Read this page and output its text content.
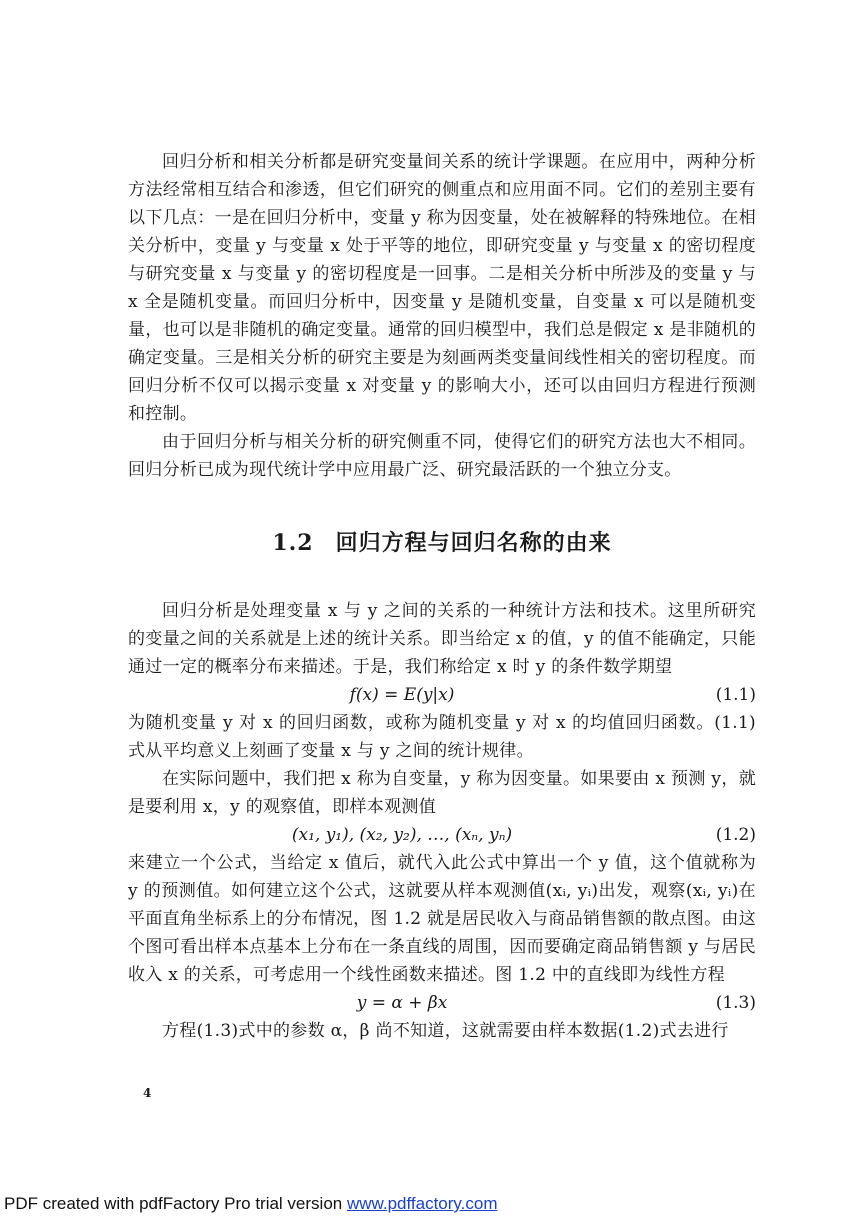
回归分析和相关分析都是研究变量间关系的统计学课题。在应用中，两种分析方法经常相互结合和渗透，但它们研究的侧重点和应用面不同。它们的差别主要有以下几点：一是在回归分析中，变量 y 称为因变量，处在被解释的特殊地位。在相关分析中，变量 y 与变量 x 处于平等的地位，即研究变量 y 与变量 x 的密切程度与研究变量 x 与变量 y 的密切程度是一回事。二是相关分析中所涉及的变量 y 与 x 全是随机变量。而回归分析中，因变量 y 是随机变量，自变量 x 可以是随机变量，也可以是非随机的确定变量。通常的回归模型中，我们总是假定 x 是非随机的确定变量。三是相关分析的研究主要是为刻画两类变量间线性相关的密切程度。而回归分析不仅可以揭示变量 x 对变量 y 的影响大小，还可以由回归方程进行预测和控制。

由于回归分析与相关分析的研究侧重不同，使得它们的研究方法也大不相同。回归分析已成为现代统计学中应用最广泛、研究最活跃的一个独立分支。

1.2 回归方程与回归名称的由来

回归分析是处理变量 x 与 y 之间的关系的一种统计方法和技术。这里所研究的变量之间的关系就是上述的统计关系。即当给定 x 的值，y 的值不能确定，只能通过一定的概率分布来描述。于是，我们称给定 x 时 y 的条件数学期望

f(x) = E(y|x)	(1.1)

为随机变量 y 对 x 的回归函数，或称为随机变量 y 对 x 的均值回归函数。(1.1)式从平均意义上刻画了变量 x 与 y 之间的统计规律。

在实际问题中，我们把 x 称为自变量，y 称为因变量。如果要由 x 预测 y，就是要利用 x，y 的观察值，即样本观测值

(x₁, y₁), (x₂, y₂), …, (xₙ, yₙ)	(1.2)

来建立一个公式，当给定 x 值后，就代入此公式中算出一个 y 值，这个值就称为 y 的预测值。如何建立这个公式，这就要从样本观测值(xᵢ, yᵢ)出发，观察(xᵢ, yᵢ)在平面直角坐标系上的分布情况，图 1.2 就是居民收入与商品销售额的散点图。由这个图可看出样本点基本上分布在一条直线的周围，因而要确定商品销售额 y 与居民收入 x 的关系，可考虑用一个线性函数来描述。图 1.2 中的直线即为线性方程

y = α + βx	(1.3)

方程(1.3)式中的参数 α，β 尚不知道，这就需要由样本数据(1.2)式去进行

4
PDF created with pdfFactory Pro trial version www.pdffactory.com
